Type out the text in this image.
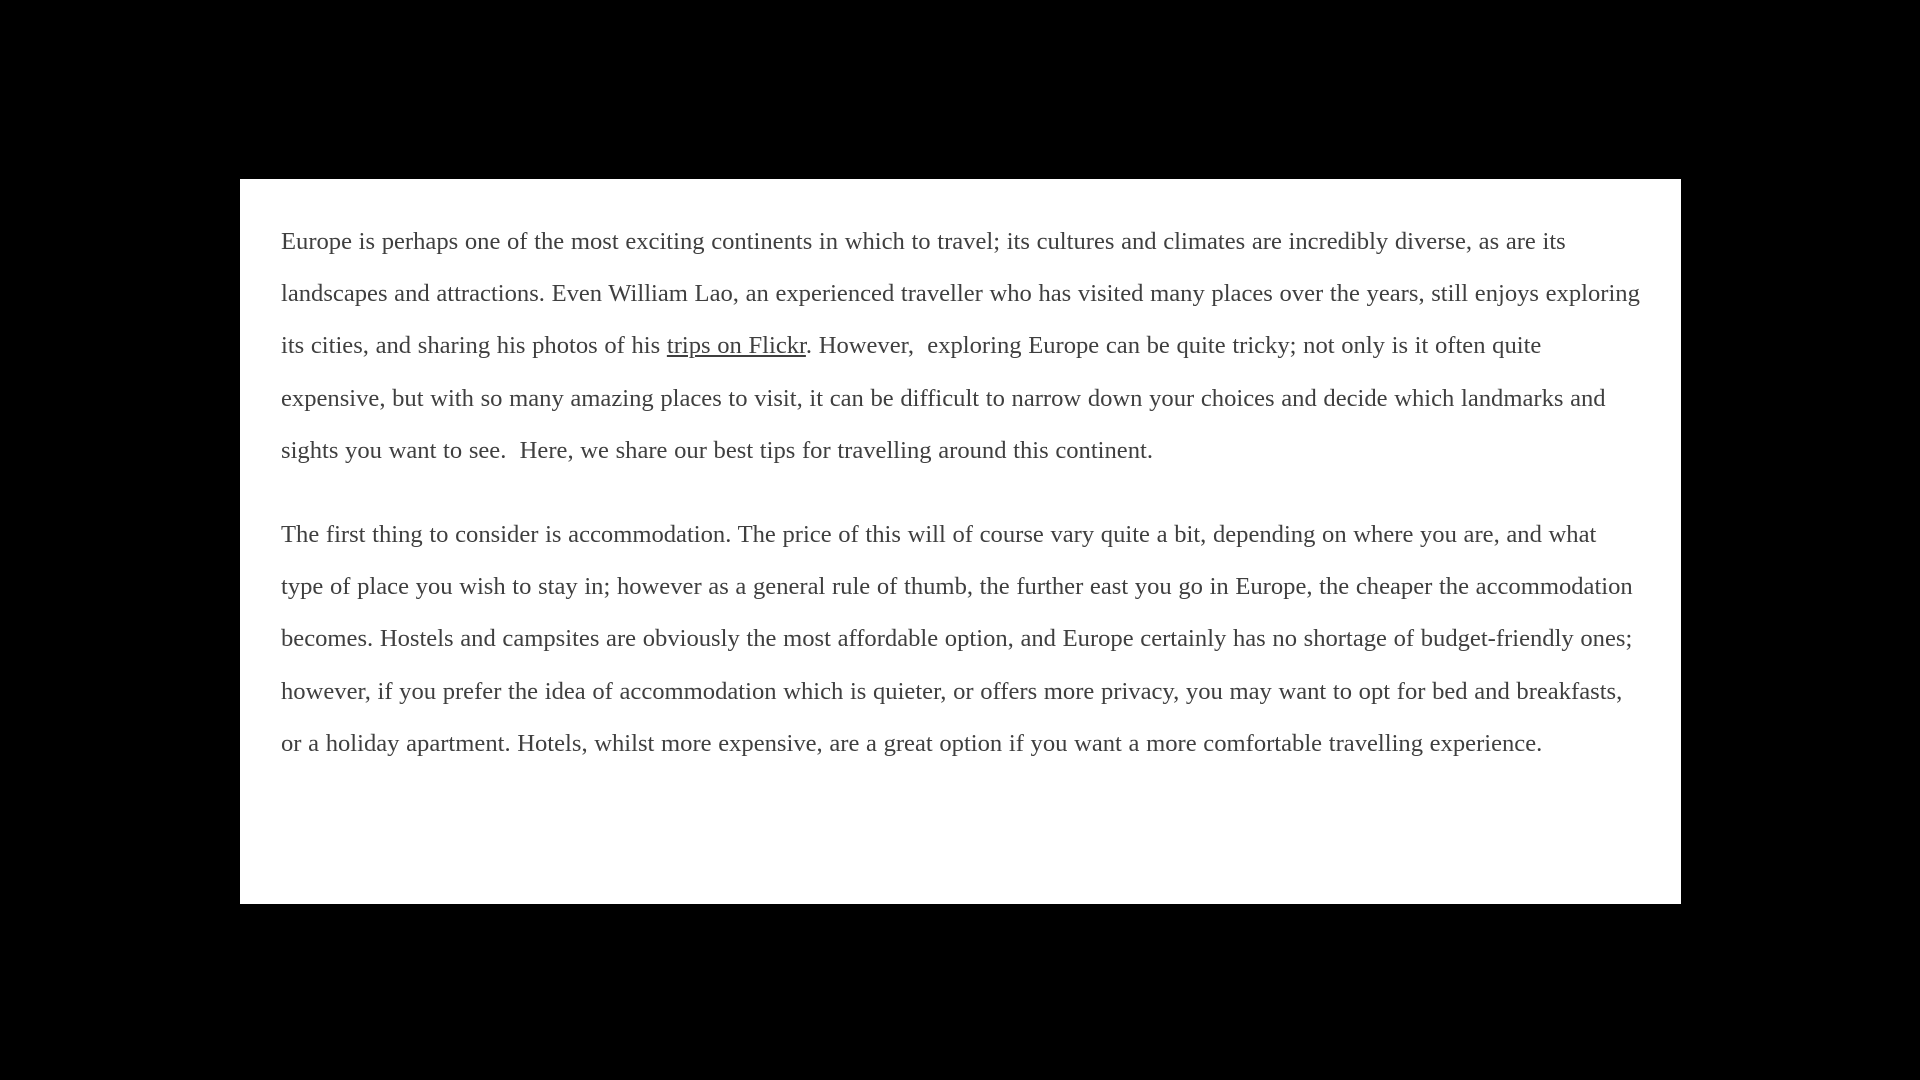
Europe is perhaps one of the most exciting continents in which to travel; its cultures and climates are incredibly diverse, as are its landscapes and attractions. Even William Lao, an experienced traveller who has visited many places over the years, still enjoys exploring its cities, and sharing his photos of his trips on Flickr. However,  exploring Europe can be quite tricky; not only is it often quite expensive, but with so many amazing places to visit, it can be difficult to narrow down your choices and decide which landmarks and sights you want to see.  Here, we share our best tips for travelling around this continent.

The first thing to consider is accommodation. The price of this will of course vary quite a bit, depending on where you are, and what type of place you wish to stay in; however as a general rule of thumb, the further east you go in Europe, the cheaper the accommodation becomes. Hostels and campsites are obviously the most affordable option, and Europe certainly has no shortage of budget-friendly ones; however, if you prefer the idea of accommodation which is quieter, or offers more privacy, you may want to opt for bed and breakfasts, or a holiday apartment. Hotels, whilst more expensive, are a great option if you want a more comfortable travelling experience.
